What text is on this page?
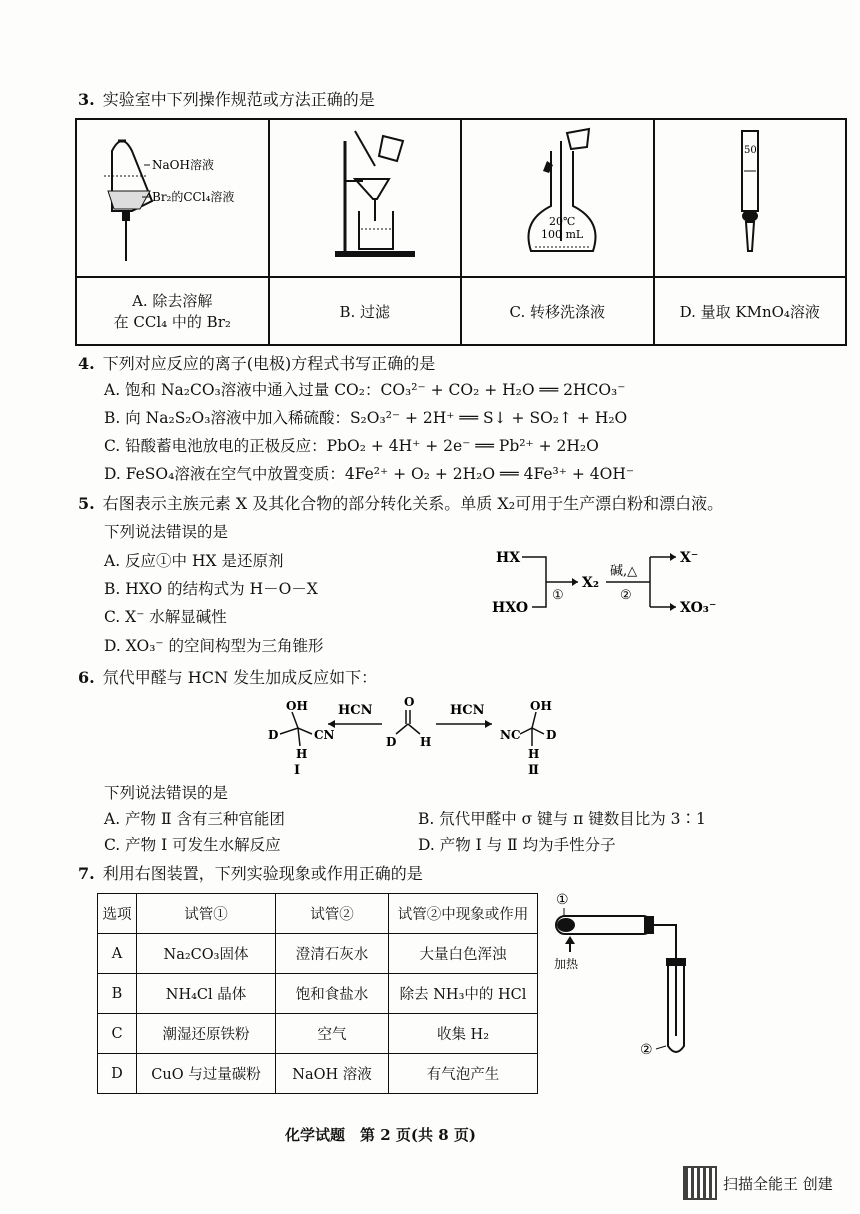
3. 实验室中下列操作规范或方法正确的是
NaOH溶液
Br₂的CCl₄溶液		20℃
100 mL	50

A. 除去溶解
在 CCl₄ 中的 Br₂	B. 过滤	C. 转移洗涤液	D. 量取 KMnO₄溶液
4. 下列对应反应的离子(电极)方程式书写正确的是
A. 饱和 Na₂CO₃溶液中通入过量 CO₂：CO₃²⁻ + CO₂ + H₂O ══ 2HCO₃⁻
B. 向 Na₂S₂O₃溶液中加入稀硫酸：S₂O₃²⁻ + 2H⁺ ══ S↓ + SO₂↑ + H₂O
C. 铅酸蓄电池放电的正极反应：PbO₂ + 4H⁺ + 2e⁻ ══ Pb²⁺ + 2H₂O
D. FeSO₄溶液在空气中放置变质：4Fe²⁺ + O₂ + 2H₂O ══ 4Fe³⁺ + 4OH⁻
5. 右图表示主族元素 X 及其化合物的部分转化关系。单质 X₂可用于生产漂白粉和漂白液。
下列说法错误的是
A. 反应①中 HX 是还原剂
B. HXO 的结构式为 H－O－X
C. X⁻ 水解显碱性
D. XO₃⁻ 的空间构型为三角锥形
HX
HXO
①
X₂
碱,△
②
X⁻
XO₃⁻
6. 氘代甲醛与 HCN 发生加成反应如下：
OH
D
H
CN
Ⅰ
HCN
O
D H
HCN	OH
NC D
H
Ⅱ
下列说法错误的是
A. 产物 Ⅱ 含有三种官能团	B. 氘代甲醛中 σ 键与 π 键数目比为 3∶1
C. 产物 Ⅰ 可发生水解反应	D. 产物 Ⅰ 与 Ⅱ 均为手性分子
7. 利用右图装置，下列实验现象或作用正确的是
选项	试管①	试管②	试管②中现象或作用
A	Na₂CO₃固体	澄清石灰水	大量白色浑浊
B	NH₄Cl 晶体	饱和食盐水	除去 NH₃中的 HCl
C	潮湿还原铁粉	空气	收集 H₂
D	CuO 与过量碳粉	NaOH 溶液	有气泡产生
①
加热
②
化学试题　第 2 页(共 8 页)
扫描全能王 创建
